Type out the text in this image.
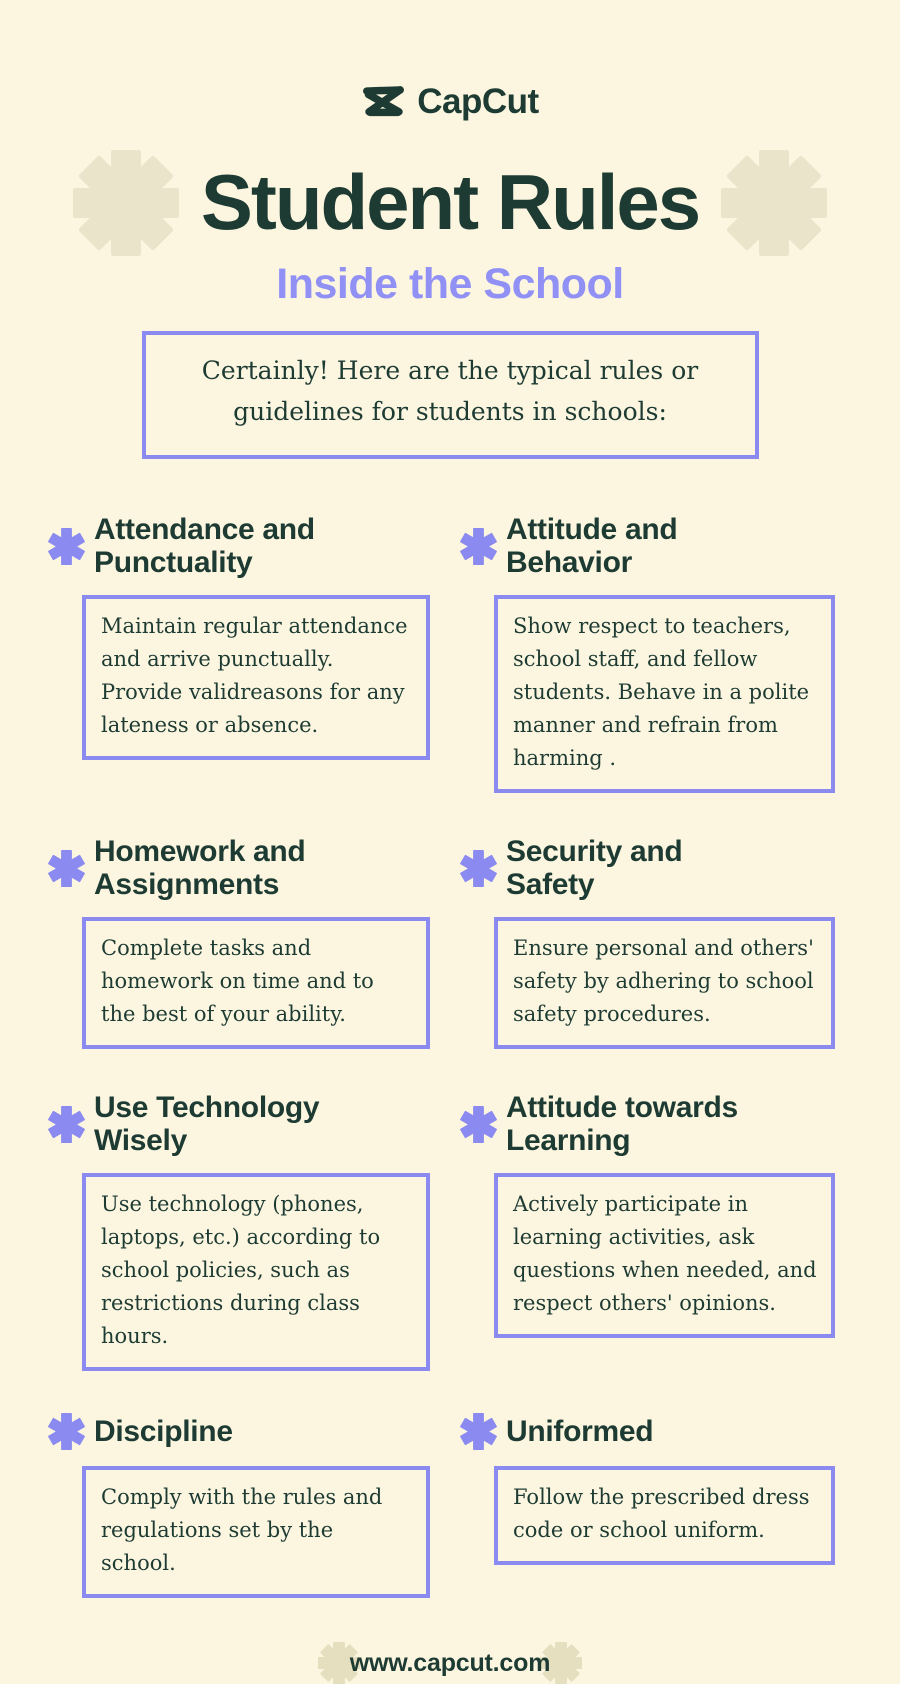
CapCut
Student Rules
Inside the School
Certainly! Here are the typical rules or guidelines for students in schools:
Attendance and
Punctuality
Maintain regular attendance and arrive punctually. Provide validreasons for any lateness or absence.
Attitude and
Behavior
Show respect to teachers, school staff, and fellow students. Behave in a polite manner and refrain from harming .
Homework and
Assignments
Complete tasks and homework on time and to the best of your ability.
Security and
Safety
Ensure personal and others' safety by adhering to school safety procedures.
Use Technology
Wisely
Use technology (phones, laptops, etc.) according to school policies, such as restrictions during class hours.
Attitude towards
Learning
Actively participate in learning activities, ask questions when needed, and respect others' opinions.
Discipline
Comply with the rules and regulations set by the school.
Uniformed
Follow the prescribed dress code or school uniform.
www.capcut.com
